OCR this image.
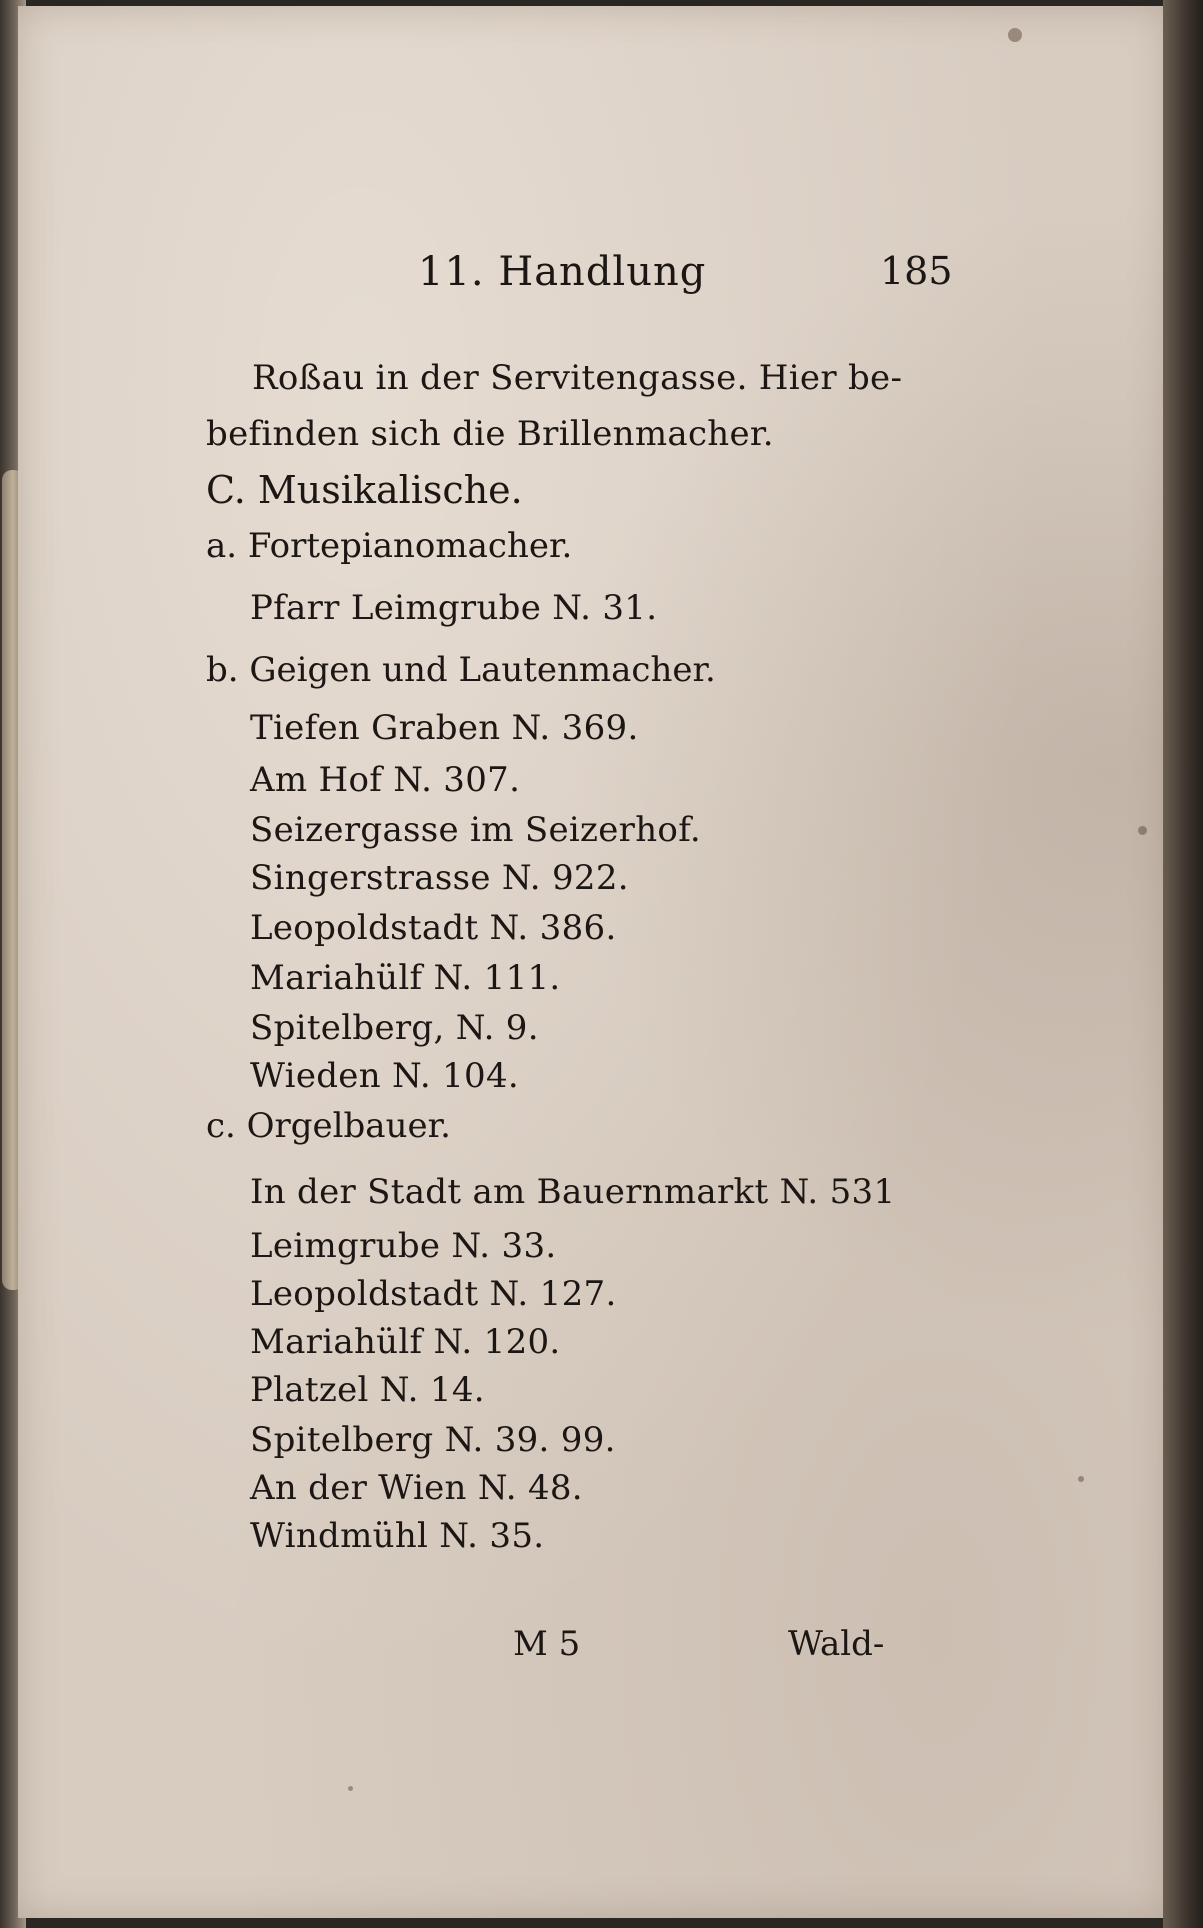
11. Handlung	185
Roßau in der Servitengasse. Hier be-
befinden sich die Brillenmacher.
C. Musikalische.
a. Fortepianomacher.
Pfarr Leimgrube N. 31.
b. Geigen und Lautenmacher.
Tiefen Graben N. 369.
Am Hof N. 307.
Seizergasse im Seizerhof.
Singerstrasse N. 922.
Leopoldstadt N. 386.
Mariahülf N. 111.
Spitelberg, N. 9.
Wieden N. 104.
c. Orgelbauer.
In der Stadt am Bauernmarkt N. 531
Leimgrube N. 33.
Leopoldstadt N. 127.
Mariahülf N. 120.
Platzel N. 14.
Spitelberg N. 39. 99.
An der Wien N. 48.
Windmühl N. 35.
M 5	Wald-
